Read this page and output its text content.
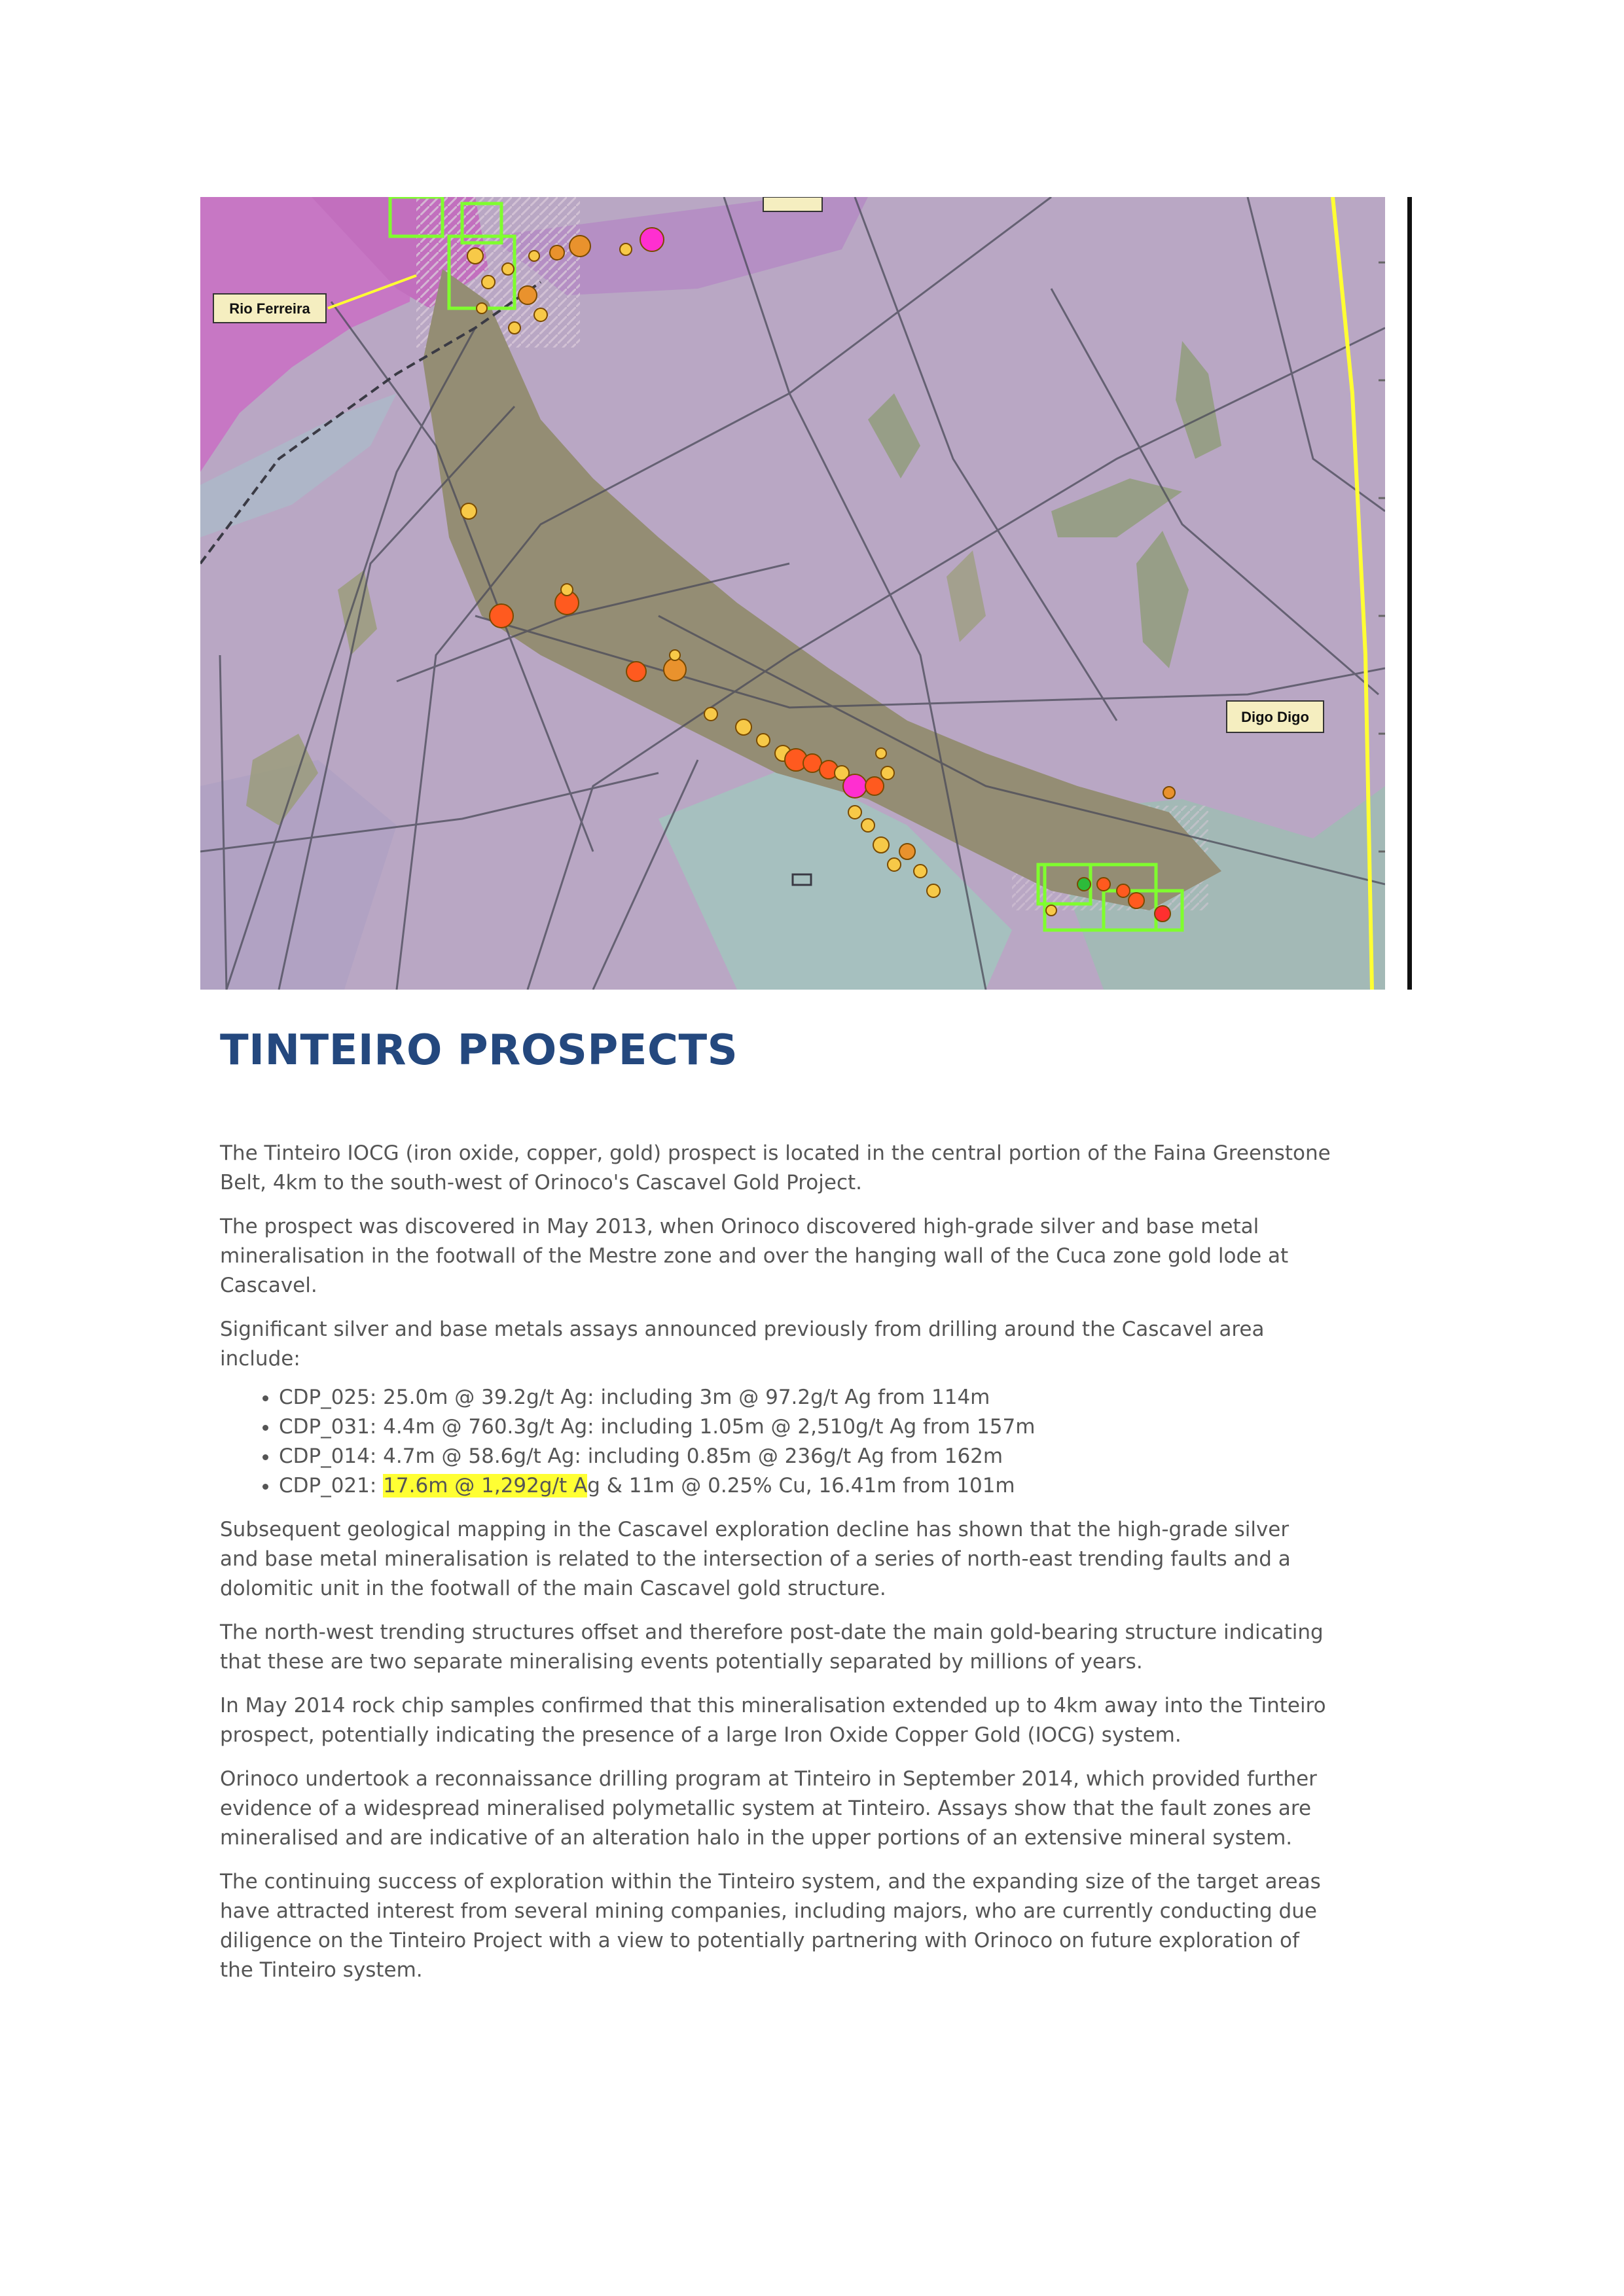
Rio Ferreira
Digo Digo
TINTEIRO PROSPECTS

The Tinteiro IOCG (iron oxide, copper, gold) prospect is located in the central portion of the Faina Greenstone Belt, 4km to the south-west of Orinoco's Cascavel Gold Project.

The prospect was discovered in May 2013, when Orinoco discovered high-grade silver and base metal mineralisation in the footwall of the Mestre zone and over the hanging wall of the Cuca zone gold lode at Cascavel.

Significant silver and base metals assays announced previously from drilling around the Cascavel area include:

• CDP_025: 25.0m @ 39.2g/t Ag: including 3m @ 97.2g/t Ag from 114m
• CDP_031: 4.4m @ 760.3g/t Ag: including 1.05m @ 2,510g/t Ag from 157m
• CDP_014: 4.7m @ 58.6g/t Ag: including 0.85m @ 236g/t Ag from 162m
• CDP_021: 17.6m @ 1,292g/t Ag & 11m @ 0.25% Cu, 16.41m from 101m

Subsequent geological mapping in the Cascavel exploration decline has shown that the high-grade silver and base metal mineralisation is related to the intersection of a series of north-east trending faults and a dolomitic unit in the footwall of the main Cascavel gold structure.

The north-west trending structures offset and therefore post-date the main gold-bearing structure indicating that these are two separate mineralising events potentially separated by millions of years.

In May 2014 rock chip samples confirmed that this mineralisation extended up to 4km away into the Tinteiro prospect, potentially indicating the presence of a large Iron Oxide Copper Gold (IOCG) system.

Orinoco undertook a reconnaissance drilling program at Tinteiro in September 2014, which provided further evidence of a widespread mineralised polymetallic system at Tinteiro. Assays show that the fault zones are mineralised and are indicative of an alteration halo in the upper portions of an extensive mineral system.

The continuing success of exploration within the Tinteiro system, and the expanding size of the target areas have attracted interest from several mining companies, including majors, who are currently conducting due diligence on the Tinteiro Project with a view to potentially partnering with Orinoco on future exploration of the Tinteiro system.
